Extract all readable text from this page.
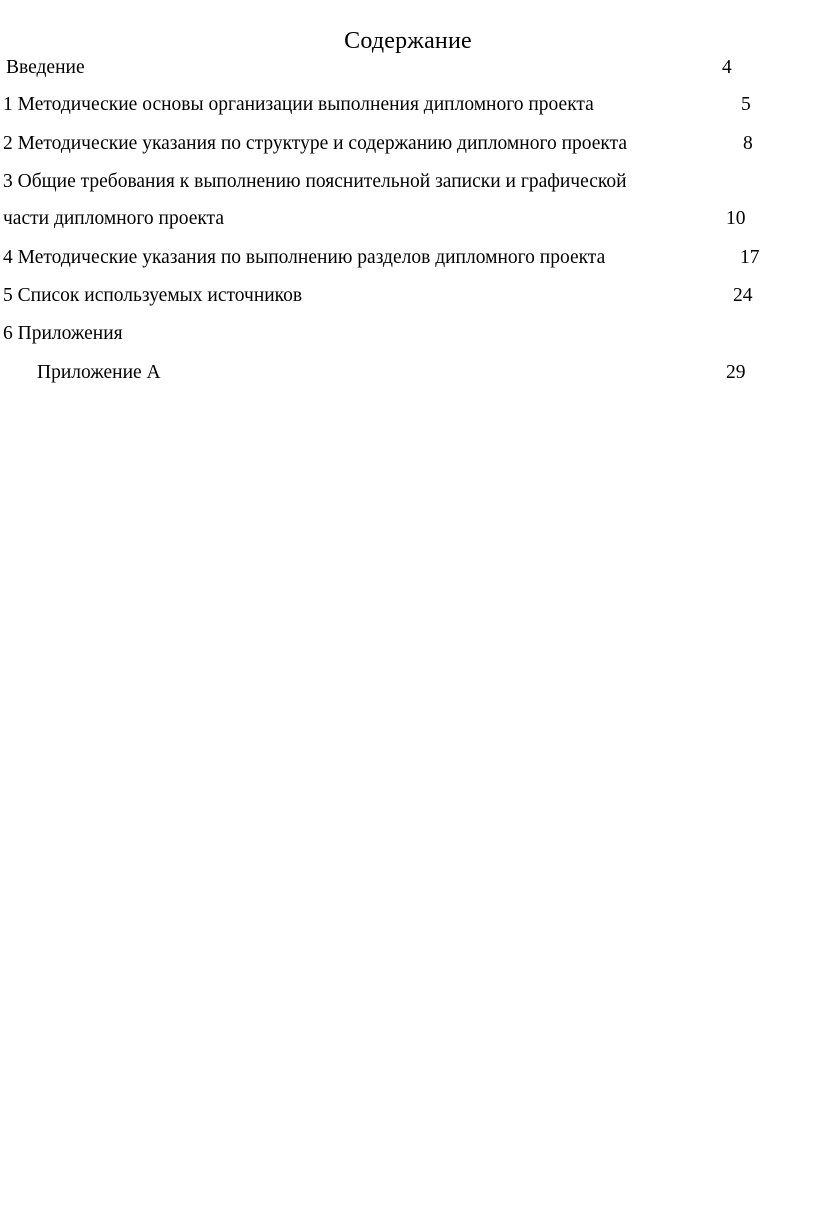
Содержание
Введение	4
1 Методические основы организации выполнения дипломного проекта	5
2 Методические указания по структуре и содержанию дипломного проекта	8
3 Общие требования к выполнению пояснительной записки и графической
части дипломного проекта	10
4 Методические указания по выполнению разделов дипломного проекта	17
5 Список используемых источников	24
6 Приложения
Приложение А	29
